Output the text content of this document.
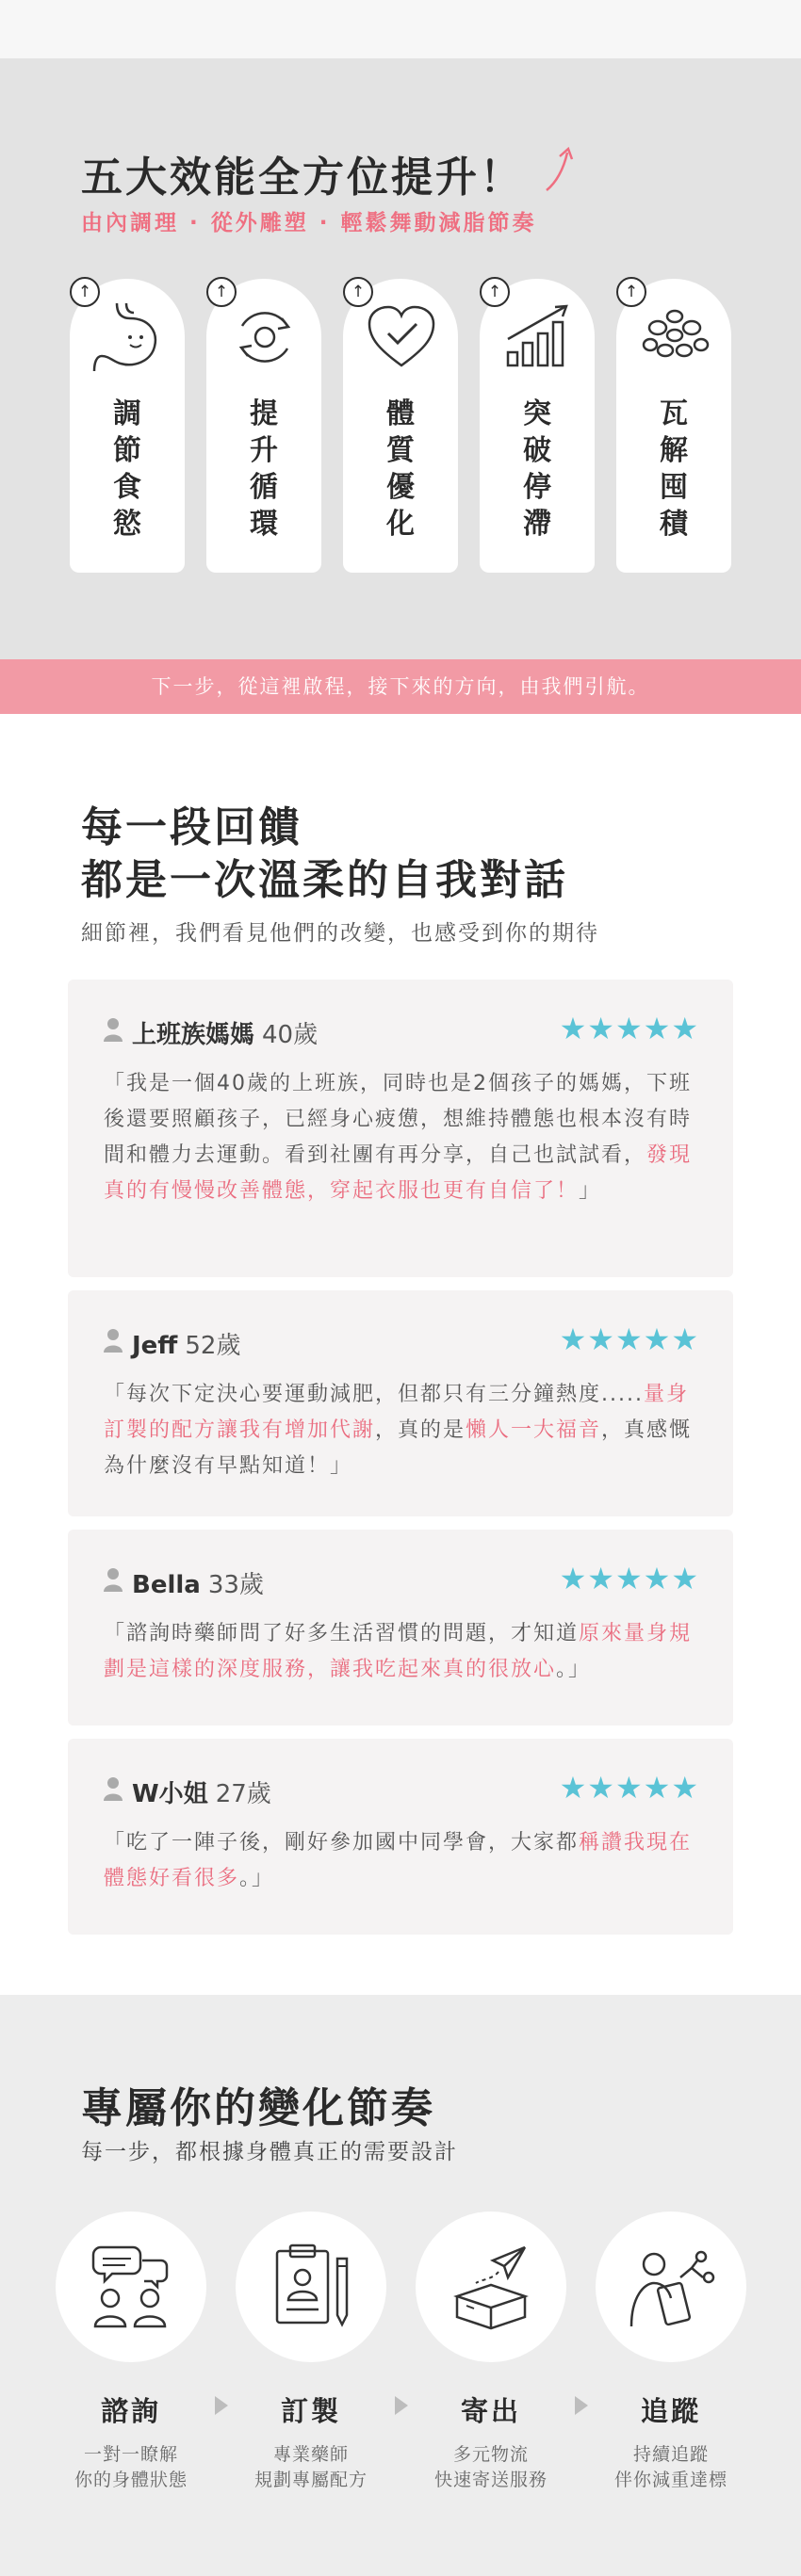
五大效能全方位提升！
由內調理 · 從外雕塑 · 輕鬆舞動減脂節奏
↑
調
節
食
慾
↑
提
升
循
環
↑
體
質
優
化
↑
突
破
停
滯
↑
瓦
解
囤
積
下一步，從這裡啟程，接下來的方向，由我們引航。
每一段回饋
都是一次溫柔的自我對話
細節裡，我們看見他們的改變，也感受到你的期待
上班族媽媽 40歲	★★★★★

「我是一個40歲的上班族，同時也是2個孩子的媽媽，下班後還要照顧孩子，已經身心疲憊，想維持體態也根本沒有時間和體力去運動。看到社團有再分享，自己也試試看，發現真的有慢慢改善體態，穿起衣服也更有自信了！」

Jeff 52歲	★★★★★

「每次下定決心要運動減肥，但都只有三分鐘熱度.....量身訂製的配方讓我有增加代謝，真的是懶人一大福音，真感慨為什麼沒有早點知道！」

Bella 33歲	★★★★★

「諮詢時藥師問了好多生活習慣的問題，才知道原來量身規劃是這樣的深度服務，讓我吃起來真的很放心。」

W小姐 27歲	★★★★★

「吃了一陣子後，剛好參加國中同學會，大家都稱讚我現在體態好看很多。」

專屬你的變化節奏
每一步，都根據身體真正的需要設計
諮詢
一對一瞭解
你的身體狀態
訂製
專業藥師
規劃專屬配方
寄出
多元物流
快速寄送服務
追蹤
持續追蹤
伴你減重達標
